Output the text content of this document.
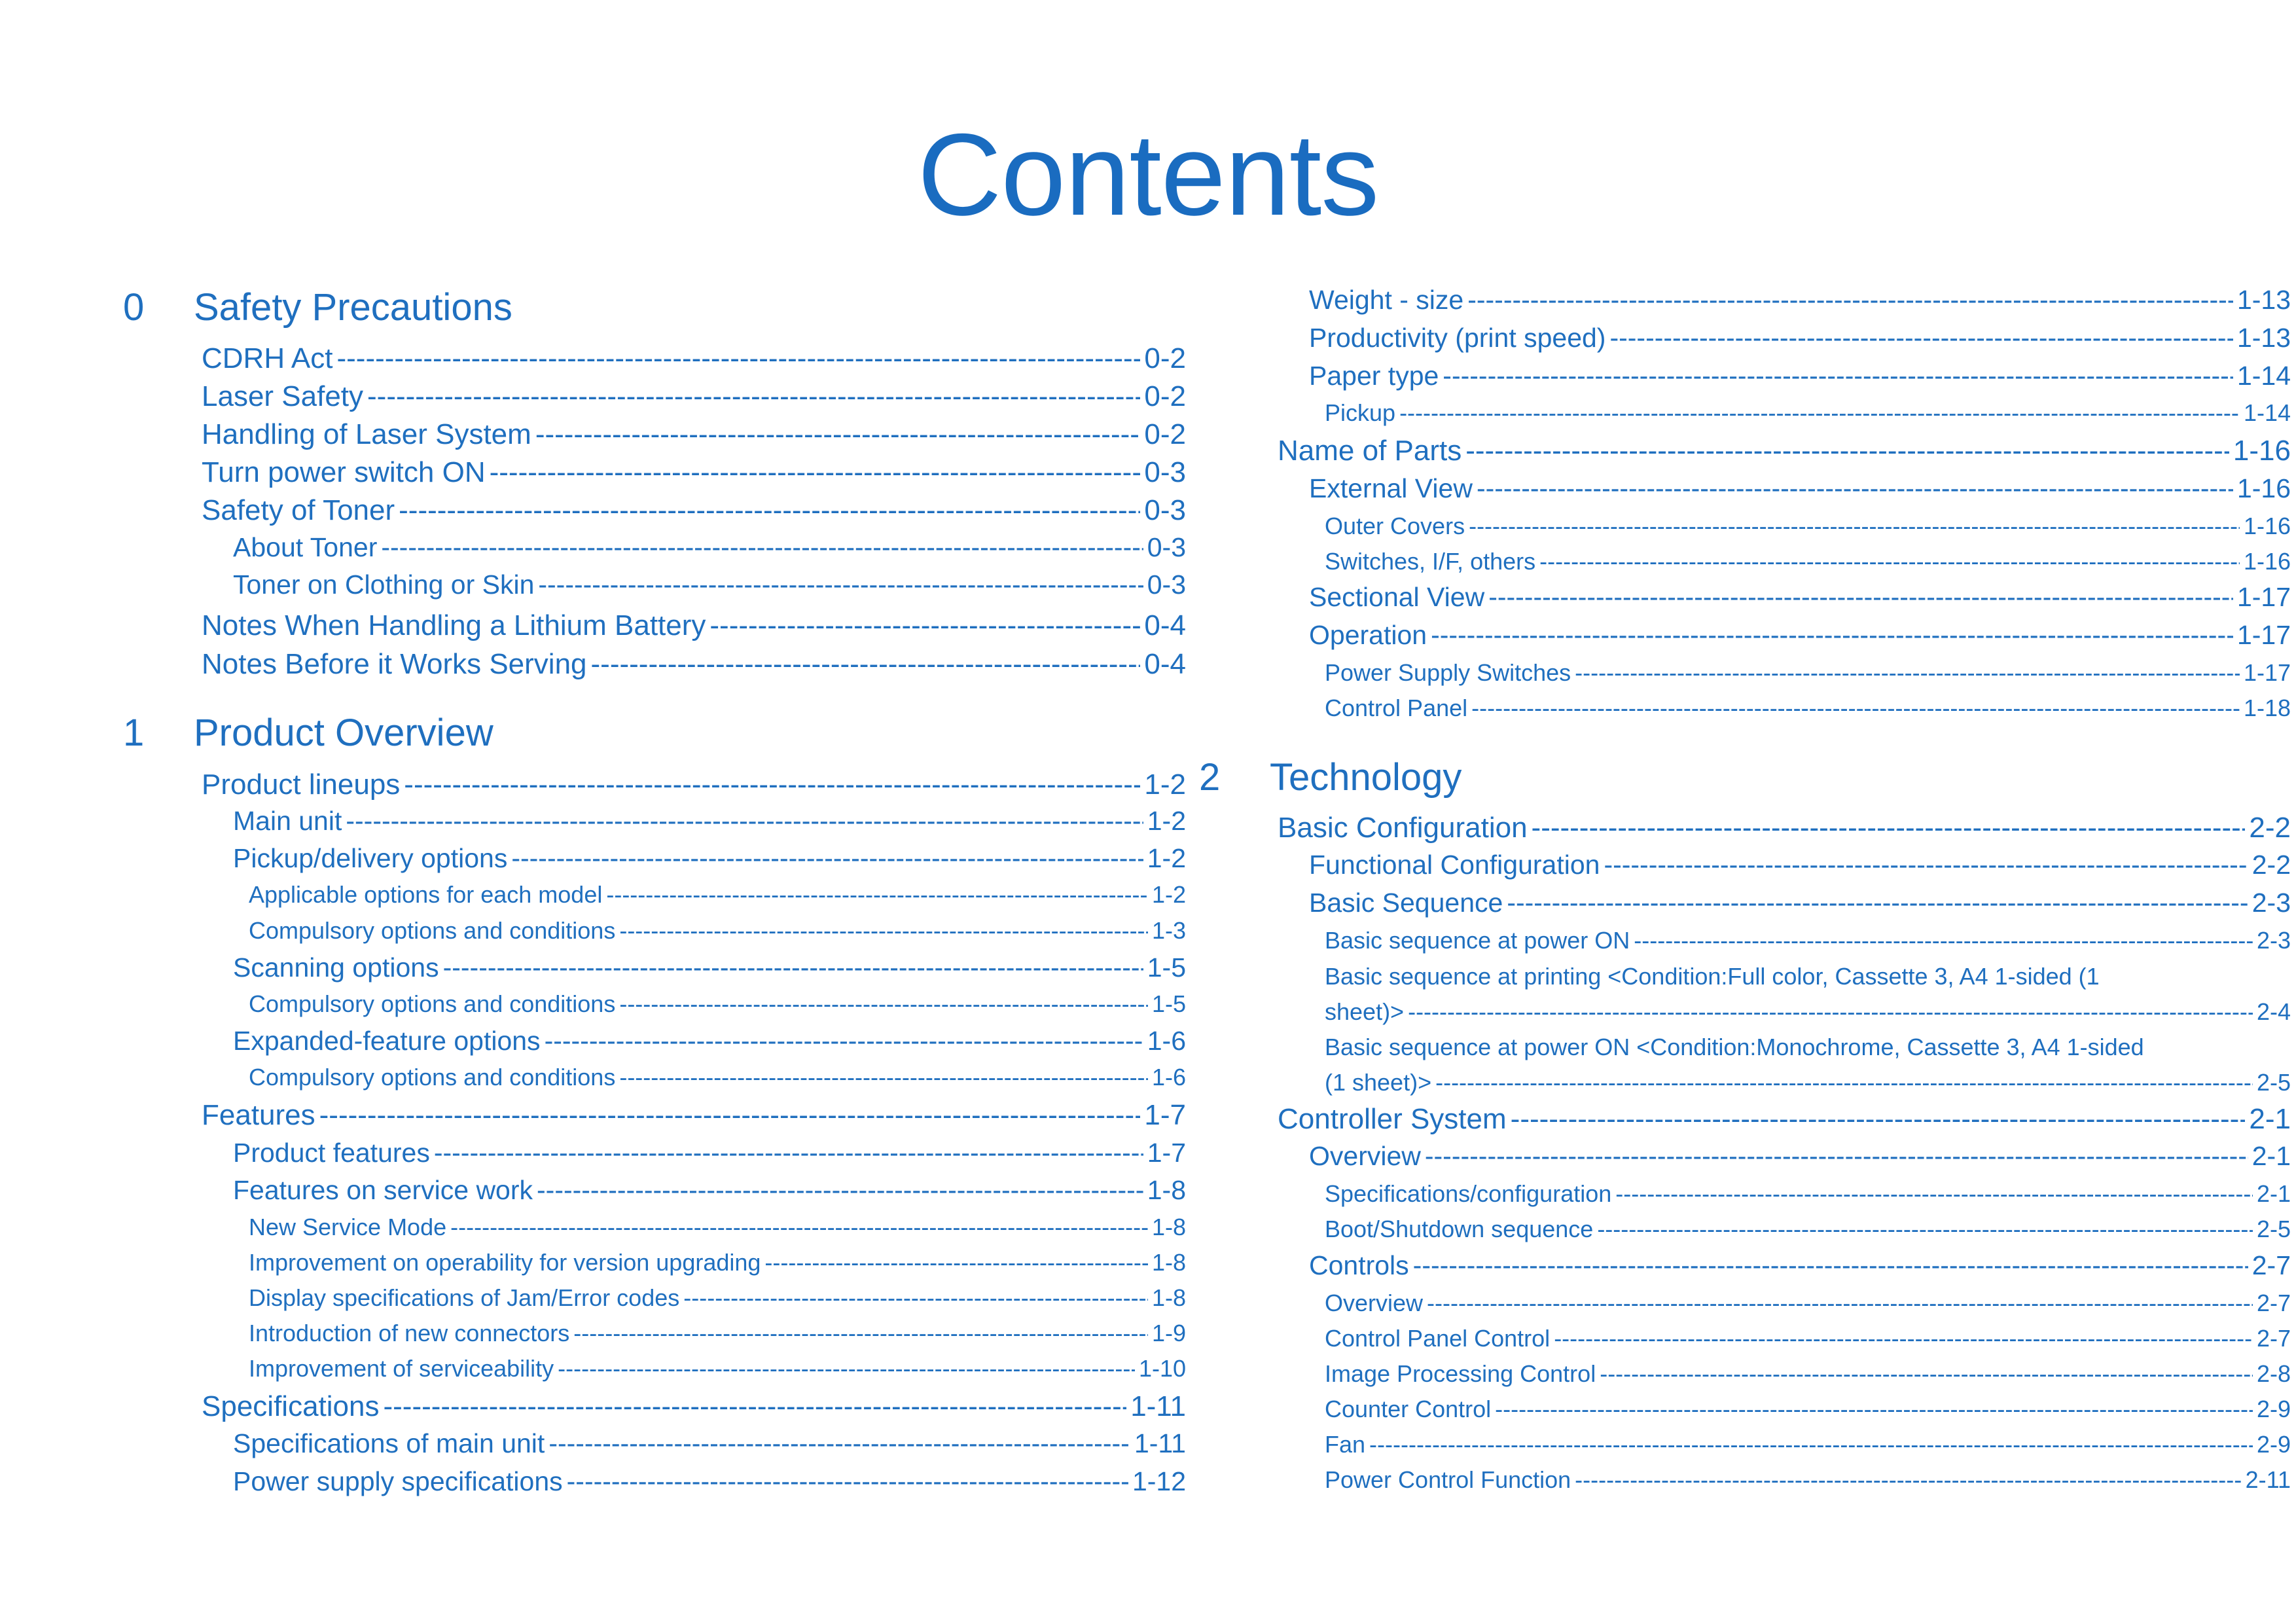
Contents
0 Safety Precautions
CDRH Act -----	0-2
Laser Safety -----	0-2
Handling of Laser System -----	0-2
Turn power switch ON -----	0-3
Safety of Toner -----	0-3
About Toner -----	0-3
Toner on Clothing or Skin -----	0-3
Notes When Handling a Lithium Battery -----	0-4
Notes Before it Works Serving -----	0-4
1 Product Overview
Product lineups -----	1-2
Main unit -----	1-2
Pickup/delivery options -----	1-2
Applicable options for each model -----	1-2
Compulsory options and conditions -----	1-3
Scanning options -----	1-5
Compulsory options and conditions -----	1-5
Expanded-feature options -----	1-6
Compulsory options and conditions -----	1-6
Features -----	1-7
Product features -----	1-7
Features on service work -----	1-8
New Service Mode -----	1-8
Improvement on operability for version upgrading -----	1-8
Display specifications of Jam/Error codes -----	1-8
Introduction of new connectors -----	1-9
Improvement of serviceability -----	1-10
Specifications -----	1-11
Specifications of main unit -----	1-11
Power supply specifications -----	1-12
Weight - size -----	1-13
Productivity (print speed) -----	1-13
Paper type -----	1-14
Pickup -----	1-14
Name of Parts -----	1-16
External View -----	1-16
Outer Covers -----	1-16
Switches, I/F, others -----	1-16
Sectional View -----	1-17
Operation -----	1-17
Power Supply Switches -----	1-17
Control Panel -----	1-18
2 Technology
Basic Configuration -----	2-2
Functional Configuration -----	2-2
Basic Sequence -----	2-3
Basic sequence at power ON -----	2-3
Basic sequence at printing <Condition:Full color, Cassette 3, A4 1-sided (1
sheet)> -----	2-4
Basic sequence at power ON <Condition:Monochrome, Cassette 3, A4 1-sided
(1 sheet)> -----	2-5
Controller System -----	2-1
Overview -----	2-1
Specifications/configuration -----	2-1
Boot/Shutdown sequence -----	2-5
Controls -----	2-7
Overview -----	2-7
Control Panel Control -----	2-7
Image Processing Control -----	2-8
Counter Control -----	2-9
Fan -----	2-9
Power Control Function -----	2-11
